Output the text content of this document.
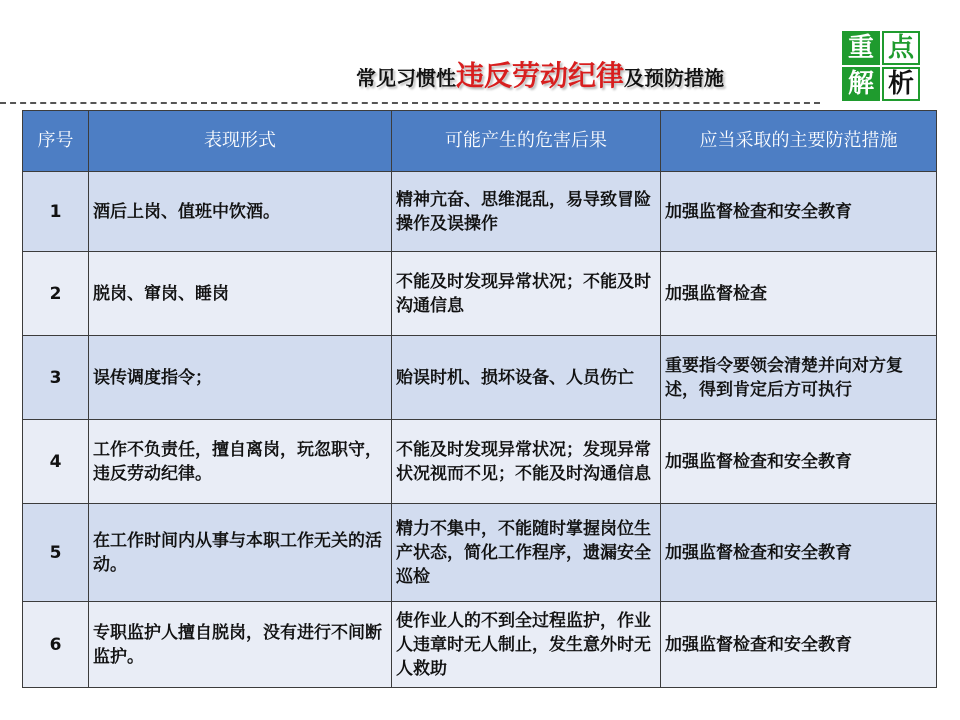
常见习惯性违反劳动纪律及预防措施
重 点
解 析
序号	表现形式	可能产生的危害后果	应当采取的主要防范措施
1	酒后上岗、值班中饮酒。	精神亢奋、思维混乱，易导致冒险操作及误操作	加强监督检查和安全教育
2	脱岗、窜岗、睡岗	不能及时发现异常状况；不能及时沟通信息	加强监督检查
3	误传调度指令；	贻误时机、损坏设备、人员伤亡	重要指令要领会清楚并向对方复述，得到肯定后方可执行
4	工作不负责任，擅自离岗，玩忽职守，违反劳动纪律。	不能及时发现异常状况；发现异常状况视而不见；不能及时沟通信息	加强监督检查和安全教育
5	在工作时间内从事与本职工作无关的活动。	精力不集中，不能随时掌握岗位生产状态，简化工作程序，遗漏安全巡检	加强监督检查和安全教育
6	专职监护人擅自脱岗，没有进行不间断监护。	使作业人的不到全过程监护，作业人违章时无人制止，发生意外时无人救助	加强监督检查和安全教育
